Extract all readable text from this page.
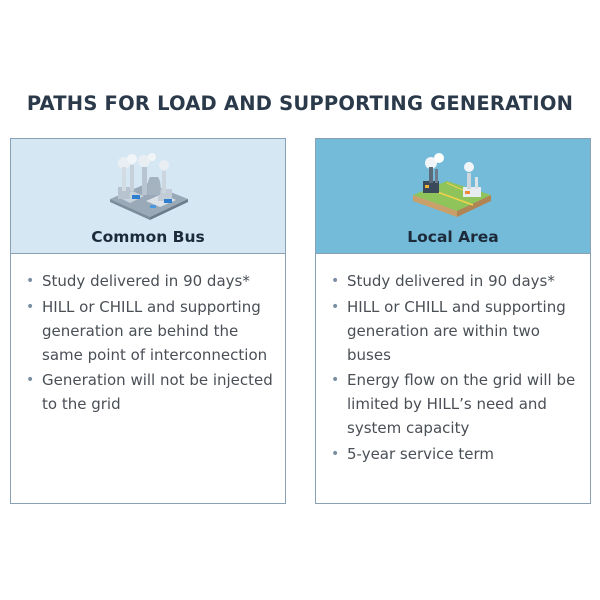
PATHS FOR LOAD AND SUPPORTING GENERATION
Common Bus
• Study delivered in 90 days*
• HILL or CHILL and supporting generation are behind the same point of interconnection
• Generation will not be injected to the grid
Local Area
• Study delivered in 90 days*
• HILL or CHILL and supporting generation are within two buses
• Energy flow on the grid will be limited by HILL’s need and system capacity
• 5-year service term
